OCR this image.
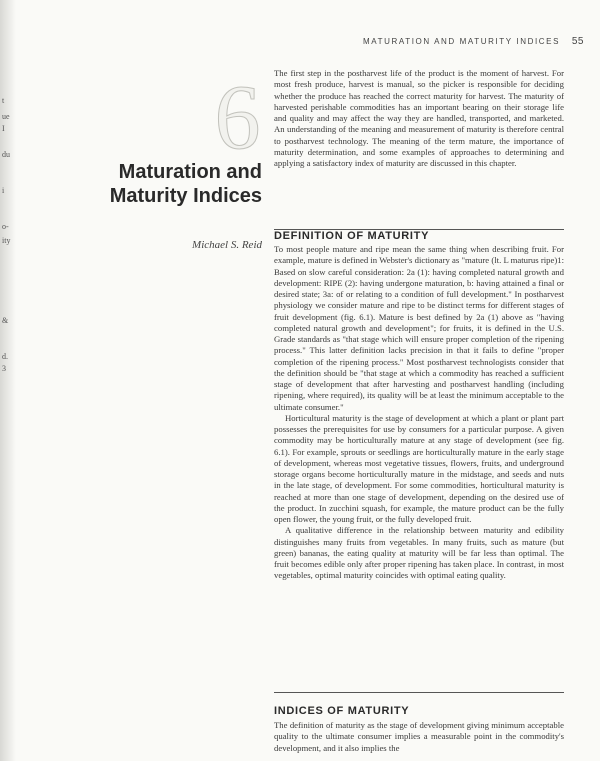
MATURATION AND MATURITY INDICES 55
t
ue
I
du
i
o-
ity
&
d.
3
6
Maturation and Maturity Indices
Michael S. Reid

The first step in the postharvest life of the product is the moment of harvest. For most fresh produce, harvest is manual, so the picker is responsible for deciding whether the produce has reached the correct maturity for harvest. The maturity of harvested perishable commodities has an important bearing on their storage life and quality and may affect the way they are handled, transported, and marketed. An understanding of the meaning and measurement of maturity is therefore central to postharvest technology. The meaning of the term mature, the importance of maturity determination, and some examples of approaches to determining and applying a satisfactory index of maturity are discussed in this chapter.

DEFINITION OF MATURITY

To most people mature and ripe mean the same thing when describing fruit. For example, mature is defined in Webster's dictionary as "mature (lt. L maturus ripe)1: Based on slow careful consideration: 2a (1): having completed natural growth and development: RIPE (2): having undergone maturation, b: having attained a final or desired state; 3a: of or relating to a condition of full development." In postharvest physiology we consider mature and ripe to be distinct terms for different stages of fruit development (fig. 6.1). Mature is best defined by 2a (1) above as "having completed natural growth and development"; for fruits, it is defined in the U.S. Grade standards as "that stage which will ensure proper completion of the ripening process." This latter definition lacks precision in that it fails to define "proper completion of the ripening process." Most postharvest technologists consider that the definition should be "that stage at which a commodity has reached a sufficient stage of development that after harvesting and postharvest handling (including ripening, where required), its quality will be at least the minimum acceptable to the ultimate consumer."

Horticultural maturity is the stage of development at which a plant or plant part possesses the prerequisites for use by consumers for a particular purpose. A given commodity may be horticulturally mature at any stage of development (see fig. 6.1). For example, sprouts or seedlings are horticulturally mature in the early stage of development, whereas most vegetative tissues, flowers, fruits, and underground storage organs become horticulturally mature in the midstage, and seeds and nuts in the late stage, of development. For some commodities, horticultural maturity is reached at more than one stage of development, depending on the desired use of the product. In zucchini squash, for example, the mature product can be the fully open flower, the young fruit, or the fully developed fruit.

A qualitative difference in the relationship between maturity and edibility distinguishes many fruits from vegetables. In many fruits, such as mature (but green) bananas, the eating quality at maturity will be far less than optimal. The fruit becomes edible only after proper ripening has taken place. In contrast, in most vegetables, optimal maturity coincides with optimal eating quality.

INDICES OF MATURITY

The definition of maturity as the stage of development giving minimum acceptable quality to the ultimate consumer implies a measurable point in the commodity's development, and it also implies the
